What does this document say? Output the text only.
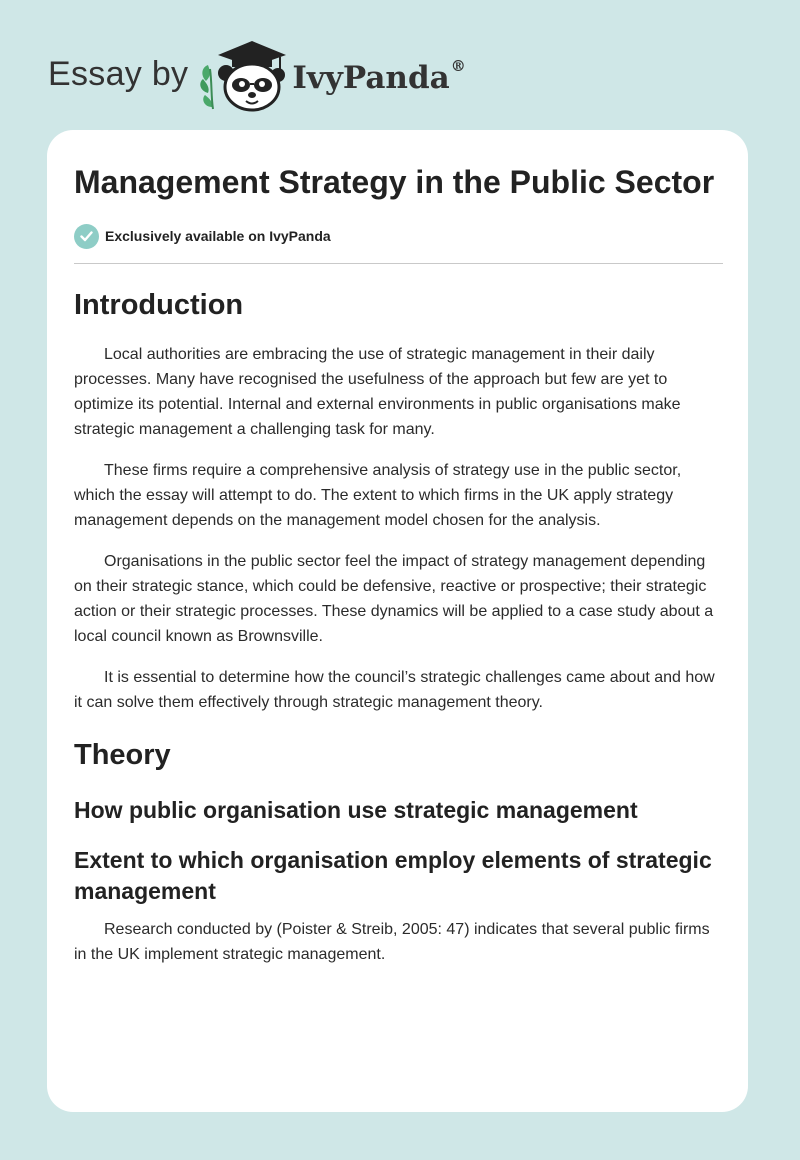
Essay by	IvyPanda®
Management Strategy in the Public Sector
Exclusively available on IvyPanda
Introduction

Local authorities are embracing the use of strategic management in their daily processes. Many have recognised the usefulness of the approach but few are yet to optimize its potential. Internal and external environments in public organisations make strategic management a challenging task for many.

These firms require a comprehensive analysis of strategy use in the public sector, which the essay will attempt to do. The extent to which firms in the UK apply strategy management depends on the management model chosen for the analysis.

Organisations in the public sector feel the impact of strategy management depending on their strategic stance, which could be defensive, reactive or prospective; their strategic action or their strategic processes. These dynamics will be applied to a case study about a local council known as Brownsville.

It is essential to determine how the council’s strategic challenges came about and how it can solve them effectively through strategic management theory.

Theory
How public organisation use strategic management
Extent to which organisation employ elements of strategic management

Research conducted by (Poister & Streib, 2005: 47) indicates that several public firms in the UK implement strategic management.
